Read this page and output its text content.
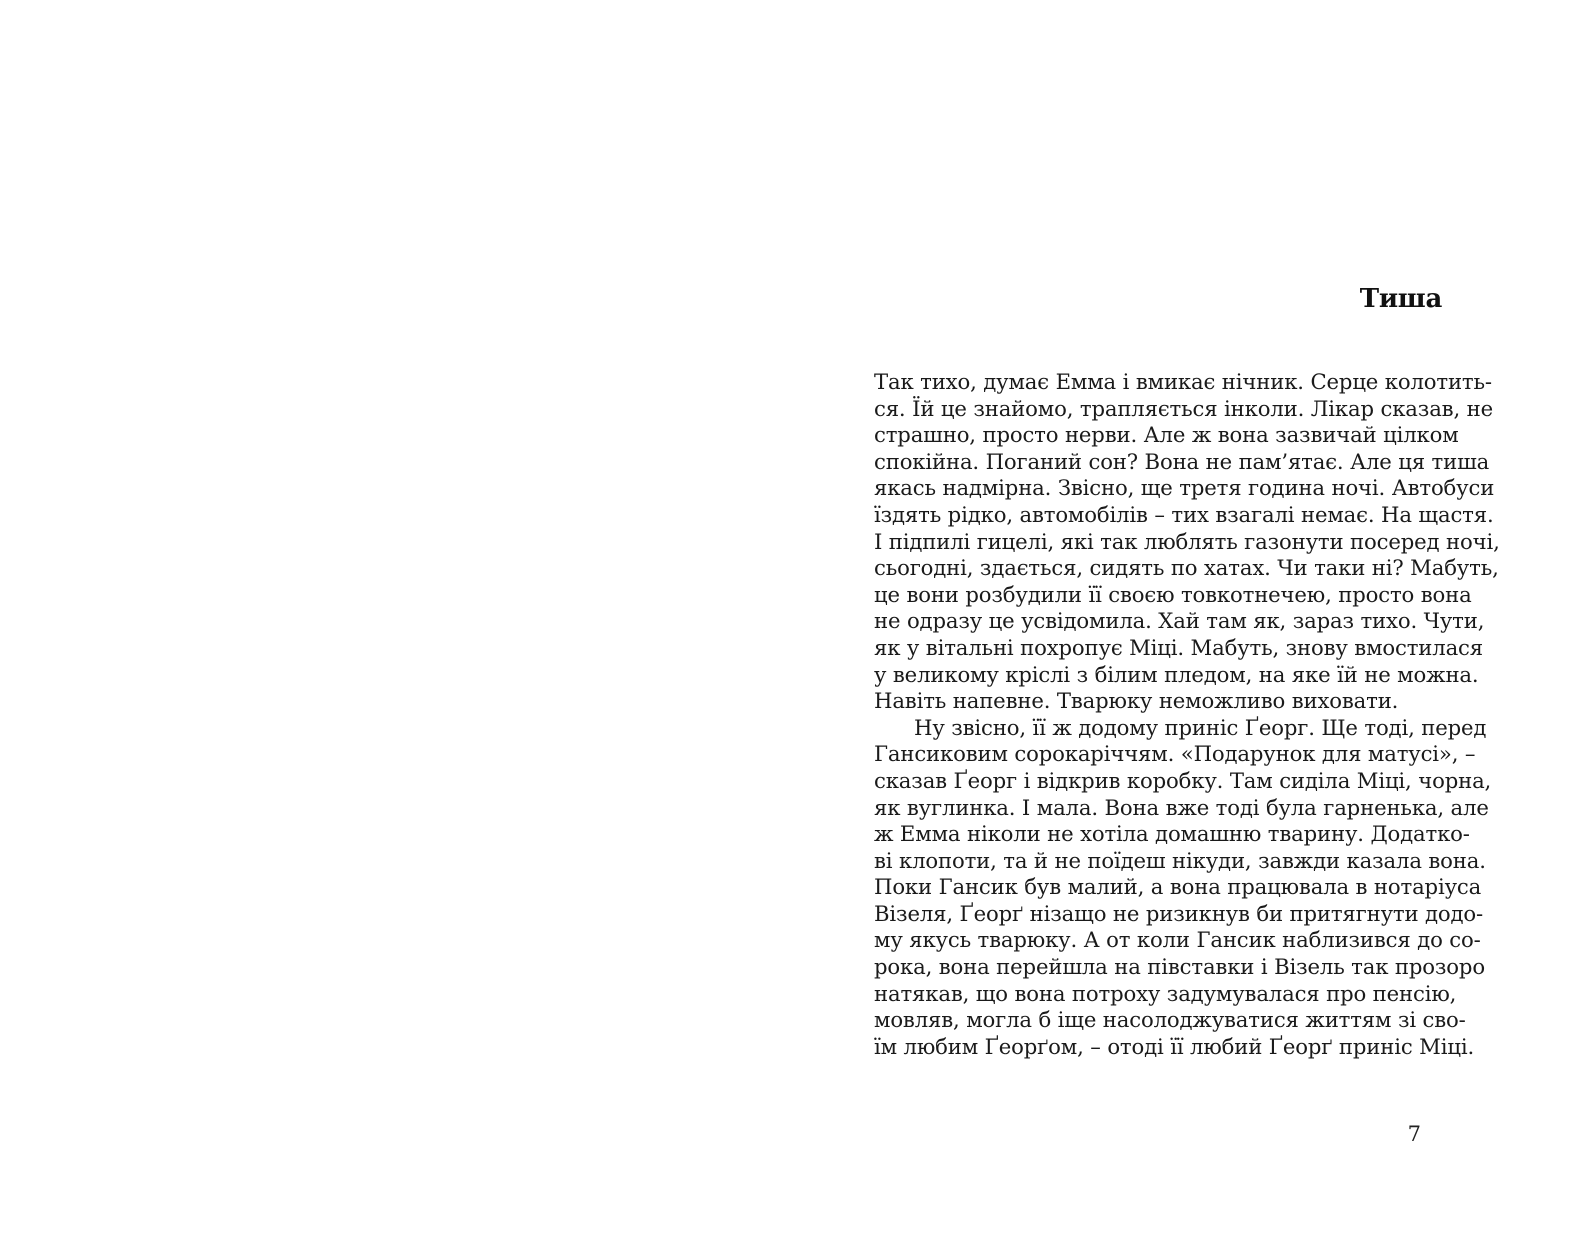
Тиша
Так тихо, думає Емма і вмикає нічник. Серце колотить-
ся. Їй це знайомо, трапляється інколи. Лікар сказав, не
страшно, просто нерви. Але ж вона зазвичай цілком
спокійна. Поганий сон? Вона не пам’ятає. Але ця тиша
якась надмірна. Звісно, ще третя година ночі. Автобуси
їздять рідко, автомобілів – тих взагалі немає. На щастя.
І підпилі гицелі, які так люблять газонути посеред ночі,
сьогодні, здається, сидять по хатах. Чи таки ні? Мабуть,
це вони розбудили її своєю товкотнечею, просто вона
не одразу це усвідомила. Хай там як, зараз тихо. Чути,
як у вітальні похропує Міці. Мабуть, знову вмостилася
у великому кріслі з білим пледом, на яке їй не можна.
Навіть напевне. Тварюку неможливо виховати.
Ну звісно, її ж додому приніс Ґеорг. Ще тоді, перед
Гансиковим сорокаріччям. «Подарунок для матусі», –
сказав Ґеорг і відкрив коробку. Там сиділа Міці, чорна,
як вуглинка. І мала. Вона вже тоді була гарненька, але
ж Емма ніколи не хотіла домашню тварину. Додатко-
ві клопоти, та й не поїдеш нікуди, завжди казала вона.
Поки Гансик був малий, а вона працювала в нотаріуса
Візеля, Ґеорґ нізащо не ризикнув би притягнути додо-
му якусь тварюку. А от коли Гансик наблизився до со-
рока, вона перейшла на півставки і Візель так прозоро
натякав, що вона потроху задумувалася про пенсію,
мовляв, могла б іще насолоджуватися життям зі сво-
їм любим Ґеорґом, – отоді її любий Ґеорґ приніс Міці.
7
